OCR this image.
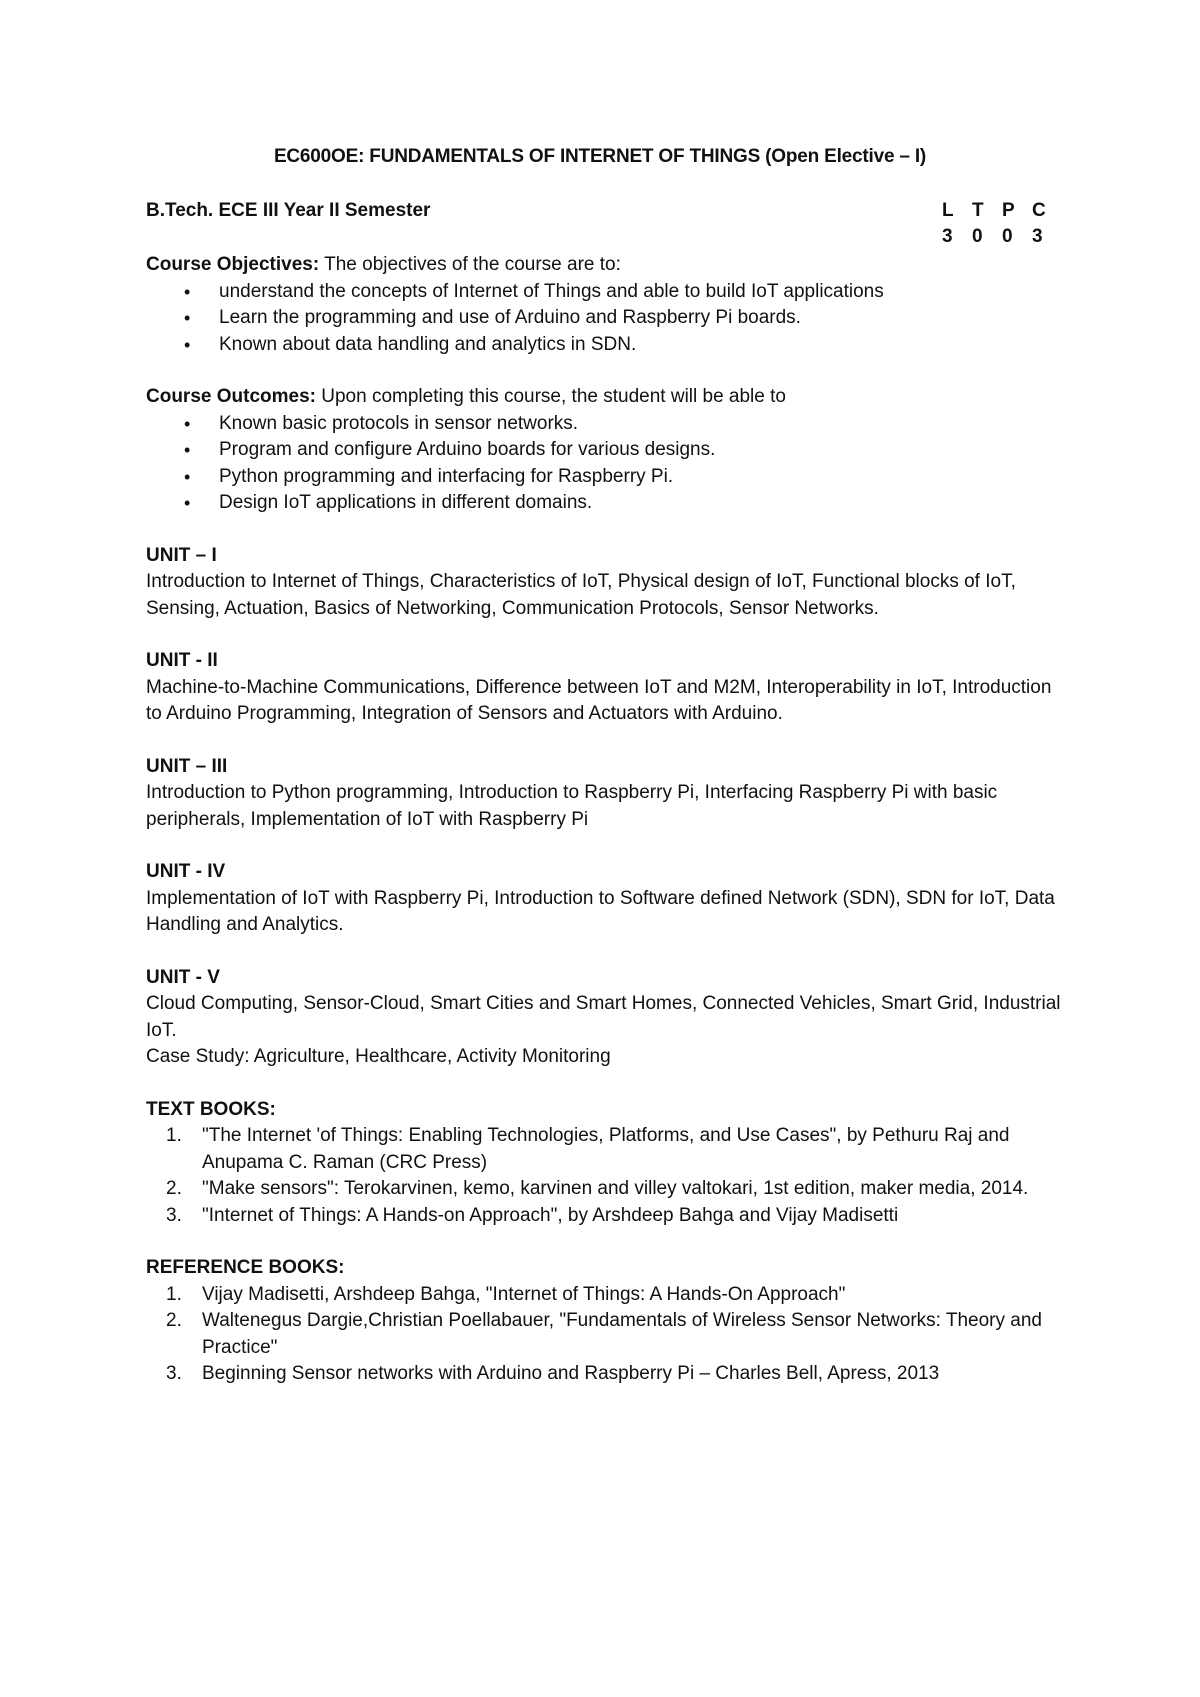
EC600OE: FUNDAMENTALS OF INTERNET OF THINGS (Open Elective – I)
B.Tech. ECE III Year II Semester	L T P C
3	0	0	3

Course Objectives: The objectives of the course are to:

• understand the concepts of Internet of Things and able to build IoT applications
• Learn the programming and use of Arduino and Raspberry Pi boards.
• Known about data handling and analytics in SDN.

Course Outcomes: Upon completing this course, the student will be able to

• Known basic protocols in sensor networks.
• Program and configure Arduino boards for various designs.
• Python programming and interfacing for Raspberry Pi.
• Design IoT applications in different domains.

UNIT – I

Introduction to Internet of Things, Characteristics of IoT, Physical design of IoT, Functional blocks of IoT, Sensing, Actuation, Basics of Networking, Communication Protocols, Sensor Networks.

UNIT - II

Machine-to-Machine Communications, Difference between IoT and M2M, Interoperability in IoT, Introduction to Arduino Programming, Integration of Sensors and Actuators with Arduino.

UNIT – III

Introduction to Python programming, Introduction to Raspberry Pi, Interfacing Raspberry Pi with basic peripherals, Implementation of IoT with Raspberry Pi

UNIT - IV

Implementation of IoT with Raspberry Pi, Introduction to Software defined Network (SDN), SDN for IoT, Data Handling and Analytics.

UNIT - V

Cloud Computing, Sensor-Cloud, Smart Cities and Smart Homes, Connected Vehicles, Smart Grid, Industrial IoT.

Case Study: Agriculture, Healthcare, Activity Monitoring

TEXT BOOKS:

1. "The Internet 'of Things: Enabling Technologies, Platforms, and Use Cases", by Pethuru Raj and Anupama C. Raman (CRC Press)
2. "Make sensors": Terokarvinen, kemo, karvinen and villey valtokari, 1st edition, maker media, 2014.
3. "Internet of Things: A Hands-on Approach", by Arshdeep Bahga and Vijay Madisetti

REFERENCE BOOKS:

1. Vijay Madisetti, Arshdeep Bahga, "Internet of Things: A Hands-On Approach"
2. Waltenegus Dargie,Christian Poellabauer, "Fundamentals of Wireless Sensor Networks: Theory and Practice"
3. Beginning Sensor networks with Arduino and Raspberry Pi – Charles Bell, Apress, 2013
